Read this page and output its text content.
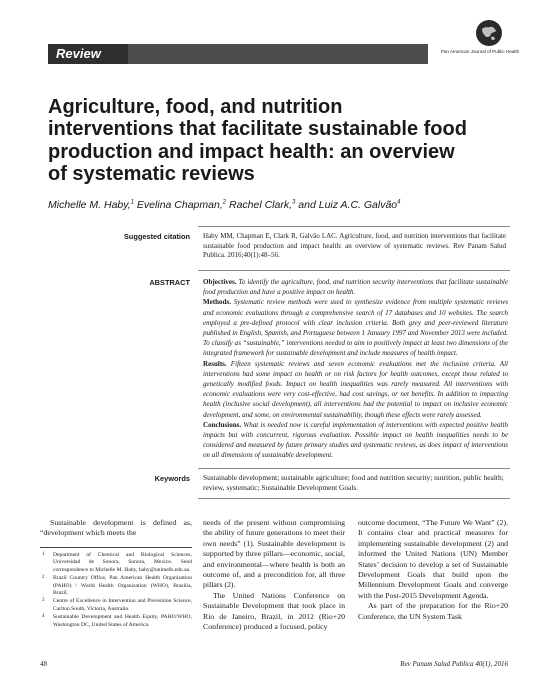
Review	Pan American Journal of Public Health
Agriculture, food, and nutrition interventions that facilitate sustainable food production and impact health: an overview of systematic reviews
Michelle M. Haby,$^1$ Evelina Chapman,$^2$ Rachel Clark,$^3$ and Luiz A.C. Galvão$^4$
Suggested citation Haby MM, Chapman E, Clark R, Galvão LAC. Agriculture, food, and nutrition interventions that facilitate sustainable food production and impact health: an overview of systematic reviews. Rev Panam Salud Publica. 2016;40(1):48–56.
ABSTRACT Objectives. To identify the agriculture, food, and nutrition security interventions that facilitate sustainable food production and have a positive impact on health.

Methods. Systematic review methods were used to synthesize evidence from multiple systematic reviews and economic evaluations through a comprehensive search of 17 databases and 10 websites. The search employed a pre-defined protocol with clear inclusion criteria. Both grey and peer-reviewed literature published in English, Spanish, and Portuguese between 1 January 1997 and November 2013 were included. To classify as “sustainable,” interventions needed to aim to positively impact at least two dimensions of the integrated framework for sustainable development and include measures of health impact.

Results. Fifteen systematic reviews and seven economic evaluations met the inclusion criteria. All interventions had some impact on health or on risk factors for health outcomes, except those related to genetically modified foods. Impact on health inequalities was rarely measured. All interventions with economic evaluations were very cost-effective, had cost savings, or net benefits. In addition to impacting health (inclusive social development), all interventions had the potential to impact on inclusive economic development, and some, on environmental sustainability, though these effects were rarely assessed.

Conclusions. What is needed now is careful implementation of interventions with expected positive health impacts but with concurrent, rigorous evaluation. Possible impact on health inequalities needs to be considered and measured by future primary studies and systematic reviews, as does impact of interventions on all dimensions of sustainable development.

Keywords Sustainable development; sustainable agriculture; food and nutrition security; nutrition, public health; review, systematic; Sustainable Development Goals.

Sustainable development is defined as, “development which meets the

needs of the present without compromising the ability of future generations to meet their own needs” (1). Sustainable development is supported by three pillars—economic, social, and environmental—where health is both an outcome of, and a precondition for, all three pillars (2).

The United Nations Conference on Sustainable Development that took place in Rio de Janeiro, Brazil, in 2012 (Rio+20 Conference) produced a focused, policy

outcome document, “The Future We Want” (2). It contains clear and practical measures for implementing sustainable development (2) and informed the United Nations (UN) Member States’ decision to develop a set of Sustainable Development Goals that build upon the Millennium Development Goals and converge with the Post-2015 Development Agenda.

As part of the preparation for the Rio+20 Conference, the UN System Task

1 Department of Chemical and Biological Sciences, Universidad de Sonora, Sonora, Mexico. Send correspondence to Michelle M. Haby, haby@unimelb.edu.au
2 Brazil Country Office, Pan American Health Organization (PAHO) / World Health Organization (WHO), Brasilia, Brazil.
3 Centre of Excellence in Intervention and Prevention Science, Carlton South, Victoria, Australia.
4 Sustainable Development and Health Equity, PAHO/WHO, Washington DC, United States of America.
48	Rev Panam Salud Publica 40(1), 2016
